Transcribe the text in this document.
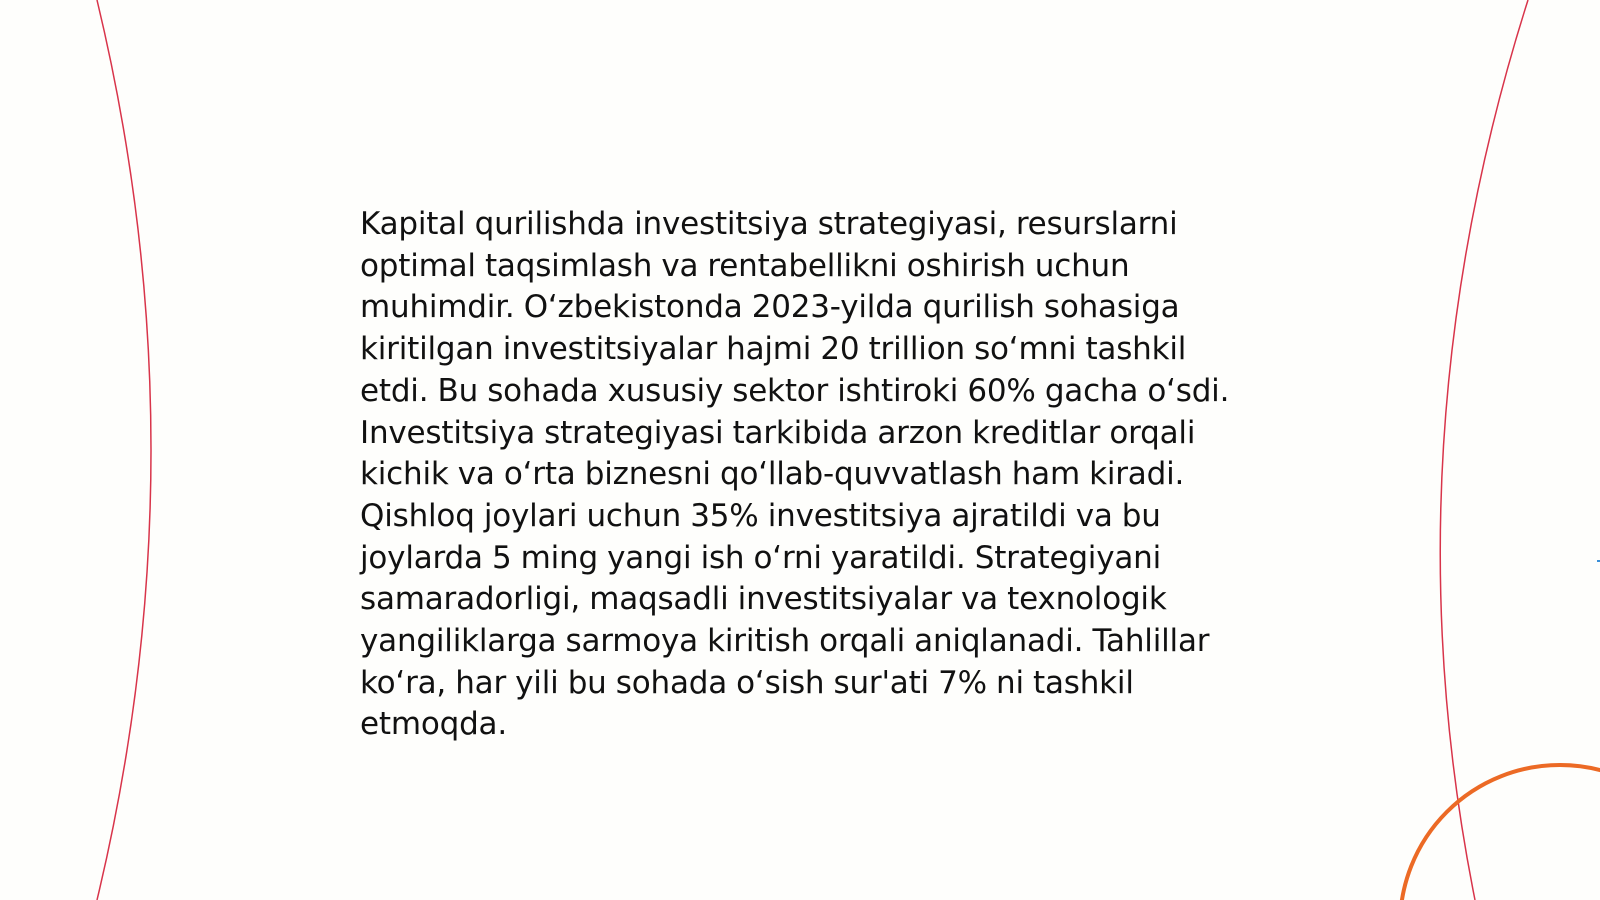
Kapital qurilishda investitsiya strategiyasi, resurslarni optimal taqsimlash va rentabellikni oshirish uchun muhimdir. O‘zbekistonda 2023-yilda qurilish sohasiga kiritilgan investitsiyalar hajmi 20 trillion so‘mni tashkil etdi. Bu sohada xususiy sektor ishtiroki 60% gacha o‘sdi. Investitsiya strategiyasi tarkibida arzon kreditlar orqali kichik va o‘rta biznesni qo‘llab-quvvatlash ham kiradi. Qishloq joylari uchun 35% investitsiya ajratildi va bu joylarda 5 ming yangi ish o‘rni yaratildi. Strategiyani samaradorligi, maqsadli investitsiyalar va texnologik yangiliklarga sarmoya kiritish orqali aniqlanadi. Tahlillar ko‘ra, har yili bu sohada o‘sish sur'ati 7% ni tashkil etmoqda.
